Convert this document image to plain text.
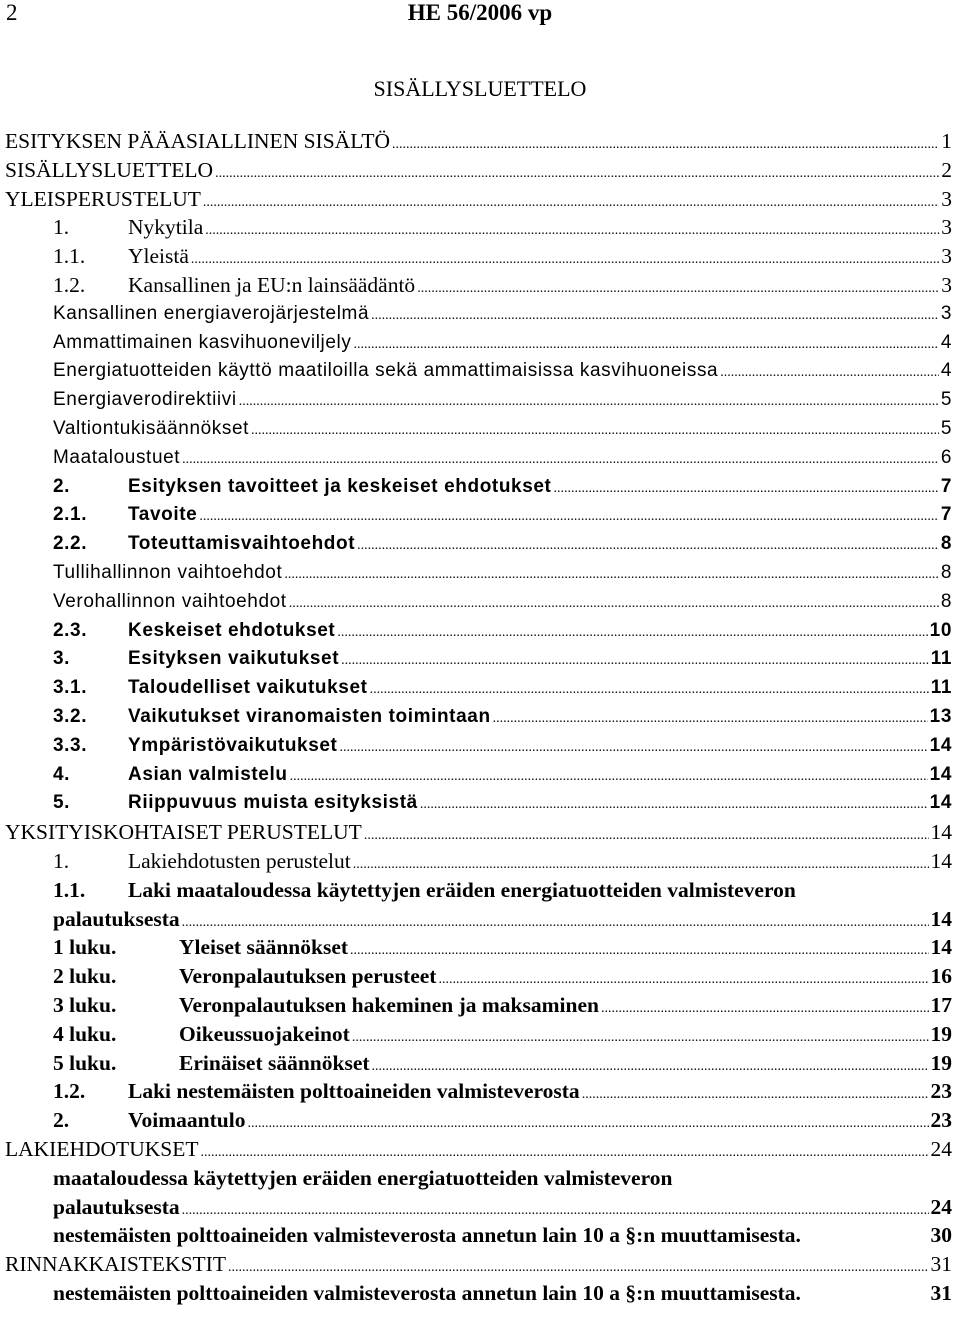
2	HE 56/2006 vp
SISÄLLYSLUETTELO
ESITYKSEN PÄÄASIALLINEN SISÄLTÖ .....	1
SISÄLLYSLUETTELO .....	2
YLEISPERUSTELUT .....	3
1.	Nykytila .....	3
1.1.	Yleistä .....	3
1.2.	Kansallinen ja EU:n lainsäädäntö .....	3
Kansallinen energiaverojärjestelmä .....	3
Ammattimainen kasvihuoneviljely .....	4
Energiatuotteiden käyttö maatiloilla sekä ammattimaisissa kasvihuoneissa .....	4
Energiaverodirektiivi .....	5
Valtiontukisäännökset .....	5
Maataloustuet .....	6
2.	Esityksen tavoitteet ja keskeiset ehdotukset .....	7
2.1.	Tavoite .....	7
2.2.	Toteuttamisvaihtoehdot .....	8
Tullihallinnon vaihtoehdot .....	8
Verohallinnon vaihtoehdot .....	8
2.3.	Keskeiset ehdotukset .....	10
3.	Esityksen vaikutukset .....	11
3.1.	Taloudelliset vaikutukset .....	11
3.2.	Vaikutukset viranomaisten toimintaan .....	13
3.3.	Ympäristövaikutukset .....	14
4.	Asian valmistelu .....	14
5.	Riippuvuus muista esityksistä .....	14
YKSITYISKOHTAISET PERUSTELUT .....	14
1.	Lakiehdotusten perustelut .....	14
1.1.	Laki maataloudessa käytettyjen eräiden energiatuotteiden valmisteveron
palautuksesta .....	14
1 luku.	Yleiset säännökset .....	14
2 luku.	Veronpalautuksen perusteet .....	16
3 luku.	Veronpalautuksen hakeminen ja maksaminen .....	17
4 luku.	Oikeussuojakeinot .....	19
5 luku.	Erinäiset säännökset .....	19
1.2.	Laki nestemäisten polttoaineiden valmisteverosta .....	23
2.	Voimaantulo .....	23
LAKIEHDOTUKSET .....	24
maataloudessa käytettyjen eräiden energiatuotteiden valmisteveron
palautuksesta .....	24
nestemäisten polttoaineiden valmisteverosta annetun lain 10 a §:n muuttamisesta.	30
RINNAKKAISTEKSTIT .....	31
nestemäisten polttoaineiden valmisteverosta annetun lain 10 a §:n muuttamisesta.	31
